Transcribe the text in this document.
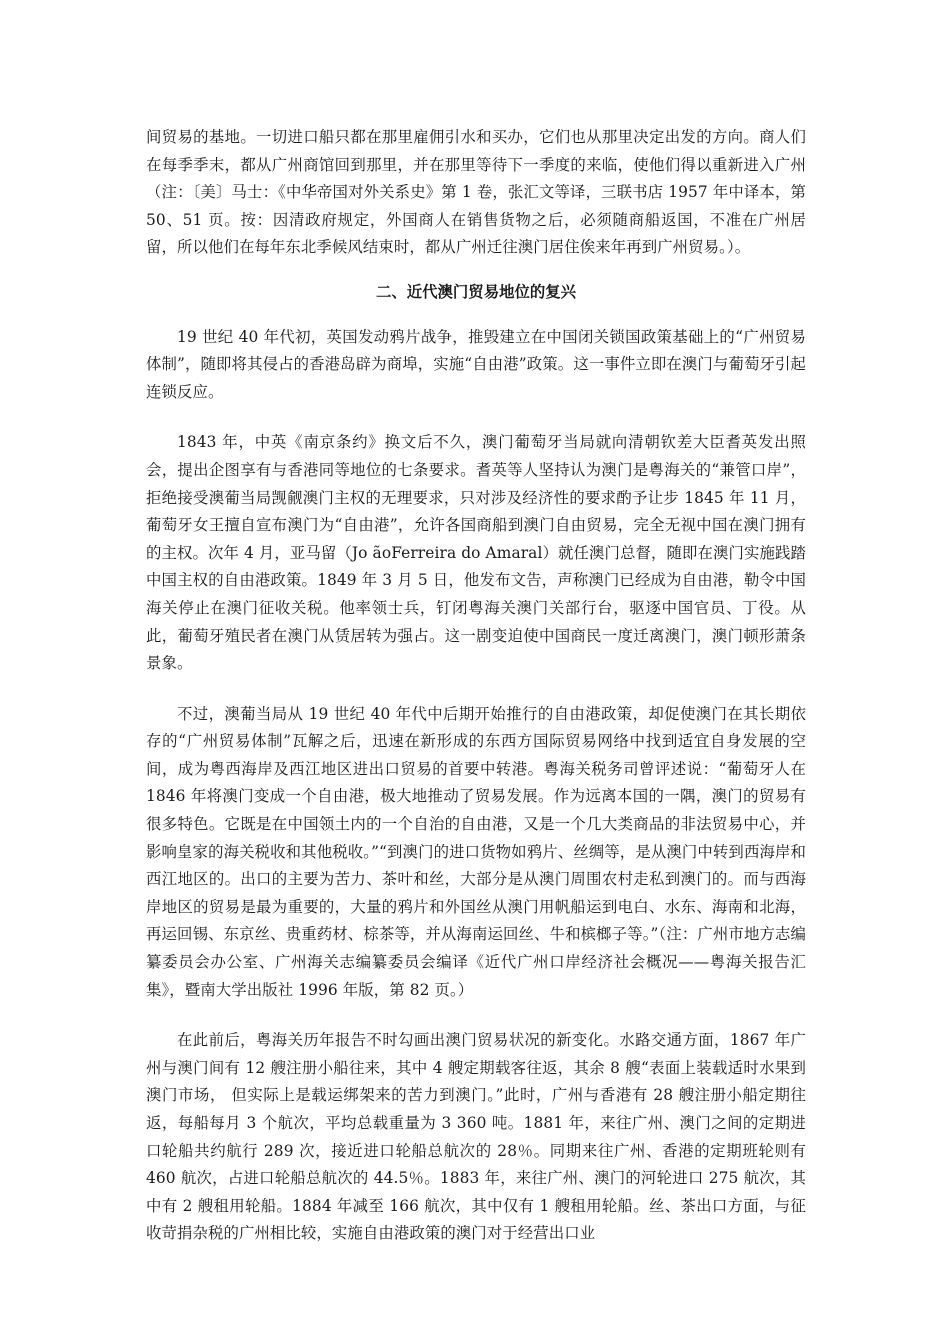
间贸易的基地。一切进口船只都在那里雇佣引水和买办，它们也从那里决定出发的方向。商人们在每季季末，都从广州商馆回到那里，并在那里等待下一季度的来临，使他们得以重新进入广州（注：〔美〕马士：《中华帝国对外关系史》第 1 卷，张汇文等译，三联书店 1957 年中译本，第 50、51 页。按：因清政府规定，外国商人在销售货物之后，必须随商船返国，不准在广州居留，所以他们在每年东北季候风结束时，都从广州迁往澳门居住俟来年再到广州贸易。）。

二、近代澳门贸易地位的复兴

19 世纪 40 年代初，英国发动鸦片战争，推毁建立在中国闭关锁国政策基础上的“广州贸易体制”，随即将其侵占的香港岛辟为商埠，实施“自由港”政策。这一事件立即在澳门与葡萄牙引起连锁反应。

1843 年，中英《南京条约》换文后不久，澳门葡萄牙当局就向清朝钦差大臣耆英发出照会，提出企图享有与香港同等地位的七条要求。耆英等人坚持认为澳门是粤海关的“兼管口岸”，拒绝接受澳葡当局觊觎澳门主权的无理要求，只对涉及经济性的要求酌予让步 1845 年 11 月，葡萄牙女王擅自宣布澳门为“自由港”，允许各国商船到澳门自由贸易，完全无视中国在澳门拥有的主权。次年 4 月，亚马留（Jo ãoFerreira do Amaral）就任澳门总督，随即在澳门实施践踏中国主权的自由港政策。1849 年 3 月 5 日，他发布文告，声称澳门已经成为自由港，勒令中国海关停止在澳门征收关税。他率领士兵，钉闭粤海关澳门关部行台，驱逐中国官员、丁役。从此，葡萄牙殖民者在澳门从赁居转为强占。这一剧变迫使中国商民一度迁离澳门，澳门顿形萧条景象。

不过，澳葡当局从 19 世纪 40 年代中后期开始推行的自由港政策，却促使澳门在其长期依存的“广州贸易体制”瓦解之后，迅速在新形成的东西方国际贸易网络中找到适宜自身发展的空间，成为粤西海岸及西江地区进出口贸易的首要中转港。粤海关税务司曾评述说：“葡萄牙人在 1846 年将澳门变成一个自由港，极大地推动了贸易发展。作为远离本国的一隅，澳门的贸易有很多特色。它既是在中国领土内的一个自治的自由港，又是一个几大类商品的非法贸易中心，并影响皇家的海关税收和其他税收。”“到澳门的进口货物如鸦片、丝绸等，是从澳门中转到西海岸和西江地区的。出口的主要为苦力、茶叶和丝，大部分是从澳门周围农村走私到澳门的。而与西海岸地区的贸易是最为重要的，大量的鸦片和外国丝从澳门用帆船运到电白、水东、海南和北海，再运回锡、东京丝、贵重药材、棕茶等，并从海南运回丝、牛和槟榔子等。”（注：广州市地方志编纂委员会办公室、广州海关志编纂委员会编译《近代广州口岸经济社会概况——粤海关报告汇集》，暨南大学出版社 1996 年版，第 82 页。）

在此前后，粤海关历年报告不时勾画出澳门贸易状况的新变化。水路交通方面，1867 年广州与澳门间有 12 艘注册小船往来，其中 4 艘定期载客往返，其余 8 艘“表面上装载适时水果到澳门市场， 但实际上是载运绑架来的苦力到澳门。”此时，广州与香港有 28 艘注册小船定期往返，每船每月 3 个航次，平均总载重量为 3 360 吨。1881 年，来往广州、澳门之间的定期进口轮船共约航行 289 次，接近进口轮船总航次的 28％。同期来往广州、香港的定期班轮则有 460 航次，占进口轮船总航次的 44.5％。1883 年，来往广州、澳门的河轮进口 275 航次，其中有 2 艘租用轮船。1884 年减至 166 航次，其中仅有 1 艘租用轮船。丝、茶出口方面，与征收苛捐杂税的广州相比较，实施自由港政策的澳门对于经营出口业
